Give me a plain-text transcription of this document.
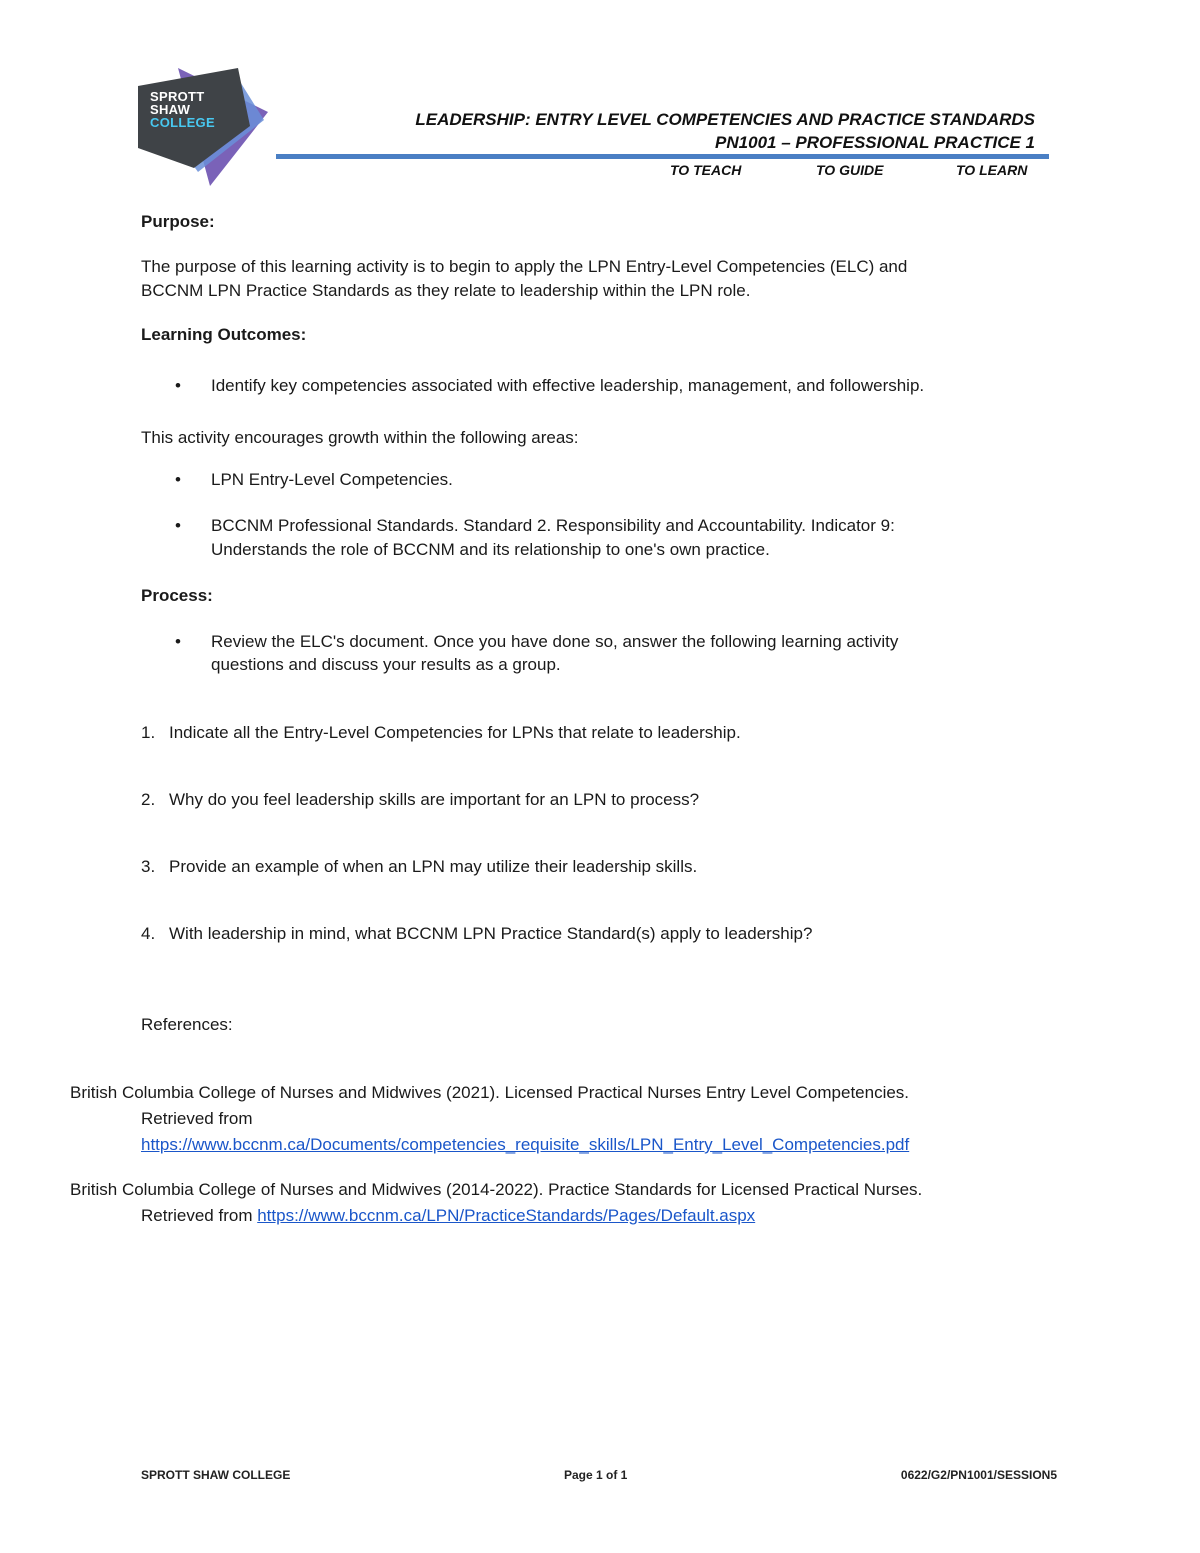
SPROTT
SHAW
COLLEGE	LEADERSHIP: ENTRY LEVEL COMPETENCIES AND PRACTICE STANDARDS
PN1001 – PROFESSIONAL PRACTICE 1
TO TEACH	TO GUIDE	TO LEARN
Purpose:
The purpose of this learning activity is to begin to apply the LPN Entry-Level Competencies (ELC) and
BCCNM LPN Practice Standards as they relate to leadership within the LPN role.
Learning Outcomes:
• Identify key competencies associated with effective leadership, management, and followership.
This activity encourages growth within the following areas:
• LPN Entry-Level Competencies.
• BCCNM Professional Standards. Standard 2. Responsibility and Accountability. Indicator 9:
Understands the role of BCCNM and its relationship to one's own practice.
Process:
• Review the ELC's document. Once you have done so, answer the following learning activity
questions and discuss your results as a group.
1. Indicate all the Entry-Level Competencies for LPNs that relate to leadership.
2. Why do you feel leadership skills are important for an LPN to process?
3. Provide an example of when an LPN may utilize their leadership skills.
4. With leadership in mind, what BCCNM LPN Practice Standard(s) apply to leadership?
References:
British Columbia College of Nurses and Midwives (2021). Licensed Practical Nurses Entry Level Competencies.
Retrieved from
https://www.bccnm.ca/Documents/competencies_requisite_skills/LPN_Entry_Level_Competencies.pdf
British Columbia College of Nurses and Midwives (2014-2022). Practice Standards for Licensed Practical Nurses.
Retrieved from https://www.bccnm.ca/LPN/PracticeStandards/Pages/Default.aspx
SPROTT SHAW COLLEGE	Page 1 of 1	0622/G2/PN1001/SESSION5
